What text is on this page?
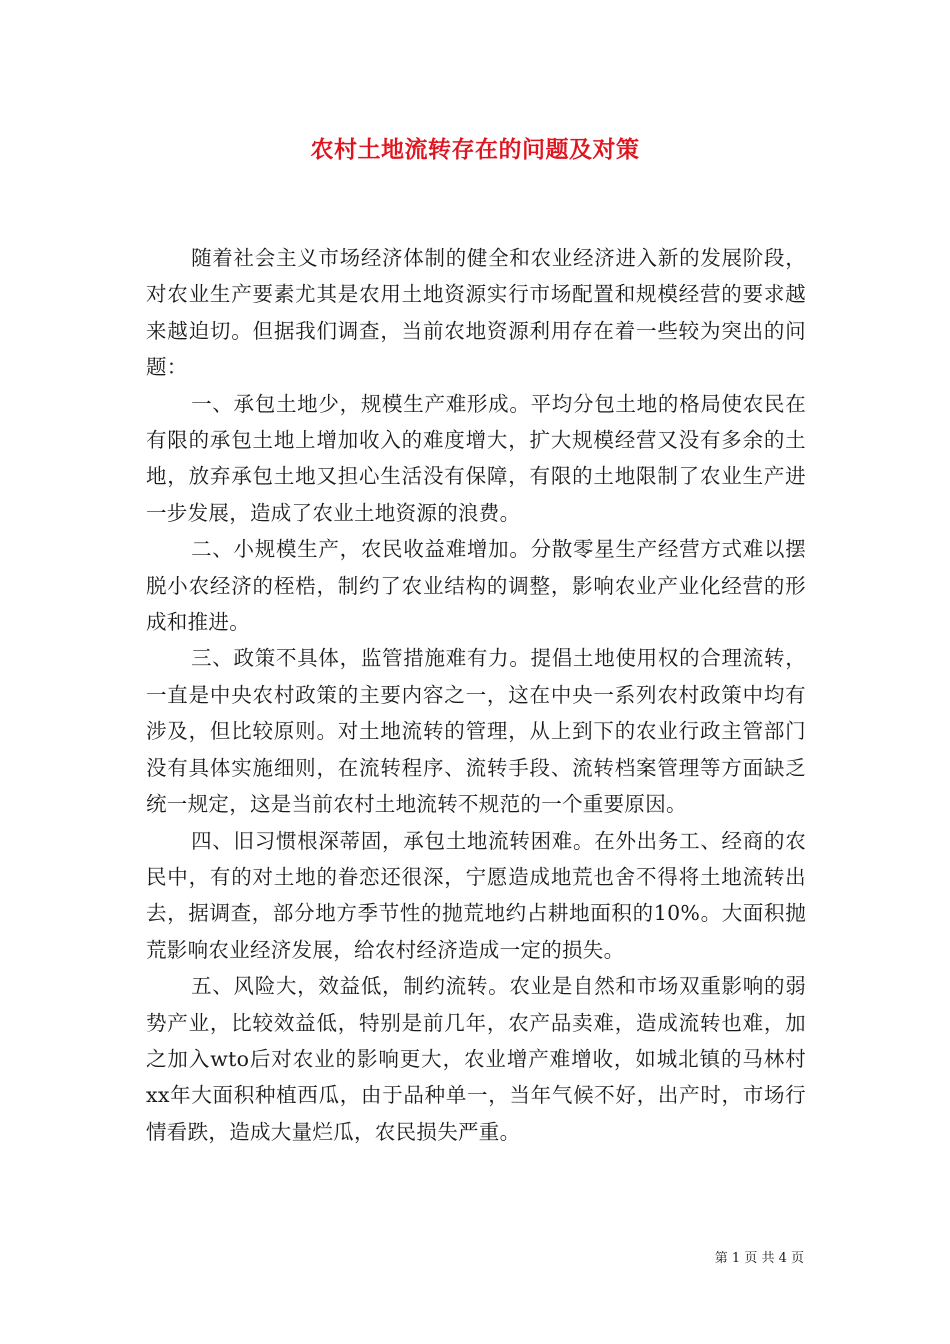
农村土地流转存在的问题及对策

随着社会主义市场经济体制的健全和农业经济进入新的发展阶段，对农业生产要素尤其是农用土地资源实行市场配置和规模经营的要求越来越迫切。但据我们调查，当前农地资源利用存在着一些较为突出的问题：

一、承包土地少，规模生产难形成。平均分包土地的格局使农民在有限的承包土地上增加收入的难度增大，扩大规模经营又没有多余的土地，放弃承包土地又担心生活没有保障，有限的土地限制了农业生产进一步发展，造成了农业土地资源的浪费。

二、小规模生产，农民收益难增加。分散零星生产经营方式难以摆脱小农经济的桎梏，制约了农业结构的调整，影响农业产业化经营的形成和推进。

三、政策不具体，监管措施难有力。提倡土地使用权的合理流转，一直是中央农村政策的主要内容之一，这在中央一系列农村政策中均有涉及，但比较原则。对土地流转的管理，从上到下的农业行政主管部门没有具体实施细则，在流转程序、流转手段、流转档案管理等方面缺乏统一规定，这是当前农村土地流转不规范的一个重要原因。

四、旧习惯根深蒂固，承包土地流转困难。在外出务工、经商的农民中，有的对土地的眷恋还很深，宁愿造成地荒也舍不得将土地流转出去，据调查，部分地方季节性的抛荒地约占耕地面积的10%。大面积抛荒影响农业经济发展，给农村经济造成一定的损失。

五、风险大，效益低，制约流转。农业是自然和市场双重影响的弱势产业，比较效益低，特别是前几年，农产品卖难，造成流转也难，加之加入wto后对农业的影响更大，农业增产难增收，如城北镇的马林村xx年大面积种植西瓜，由于品种单一，当年气候不好，出产时，市场行情看跌，造成大量烂瓜，农民损失严重。

第 1 页 共 4 页
